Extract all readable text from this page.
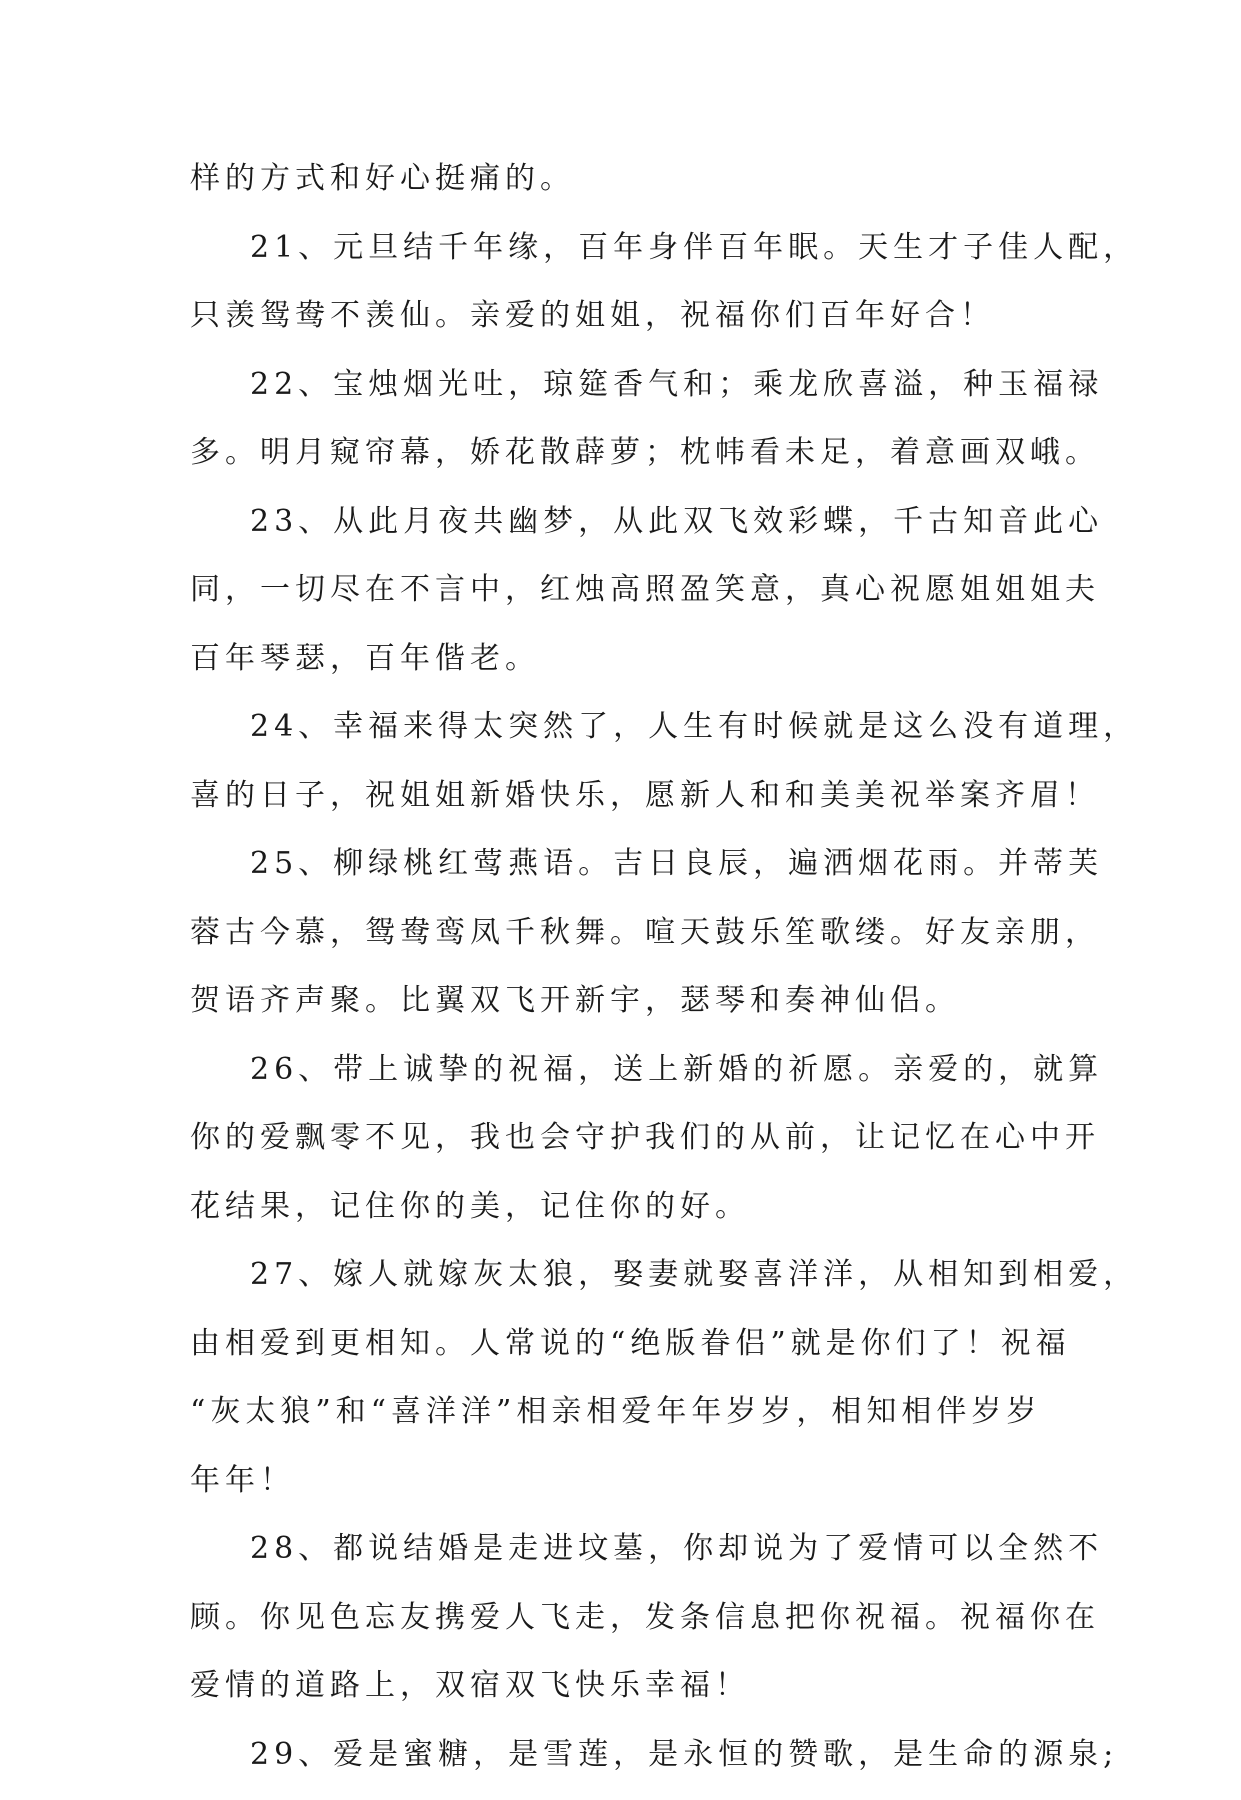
样的方式和好心挺痛的。
21、元旦结千年缘，百年身伴百年眠。天生才子佳人配，
只羡鸳鸯不羡仙。亲爱的姐姐，祝福你们百年好合！
22、宝烛烟光吐，琼筵香气和；乘龙欣喜溢，种玉福禄
多。明月窥帘幕，娇花散薜萝；枕帏看未足，着意画双峨。
23、从此月夜共幽梦，从此双飞效彩蝶，千古知音此心
同，一切尽在不言中，红烛高照盈笑意，真心祝愿姐姐姐夫
百年琴瑟，百年偕老。
24、幸福来得太突然了，人生有时候就是这么没有道理，
喜的日子，祝姐姐新婚快乐，愿新人和和美美祝举案齐眉！
25、柳绿桃红莺燕语。吉日良辰，遍洒烟花雨。并蒂芙
蓉古今慕，鸳鸯鸾凤千秋舞。喧天鼓乐笙歌缕。好友亲朋，
贺语齐声聚。比翼双飞开新宇，瑟琴和奏神仙侣。
26、带上诚挚的祝福，送上新婚的祈愿。亲爱的，就算
你的爱飘零不见，我也会守护我们的从前，让记忆在心中开
花结果，记住你的美，记住你的好。
27、嫁人就嫁灰太狼，娶妻就娶喜洋洋，从相知到相爱，
由相爱到更相知。人常说的“绝版眷侣”就是你们了！祝福
“灰太狼”和“喜洋洋”相亲相爱年年岁岁，相知相伴岁岁
年年！
28、都说结婚是走进坟墓，你却说为了爱情可以全然不
顾。你见色忘友携爱人飞走，发条信息把你祝福。祝福你在
爱情的道路上，双宿双飞快乐幸福！
29、爱是蜜糖，是雪莲，是永恒的赞歌，是生命的源泉;
